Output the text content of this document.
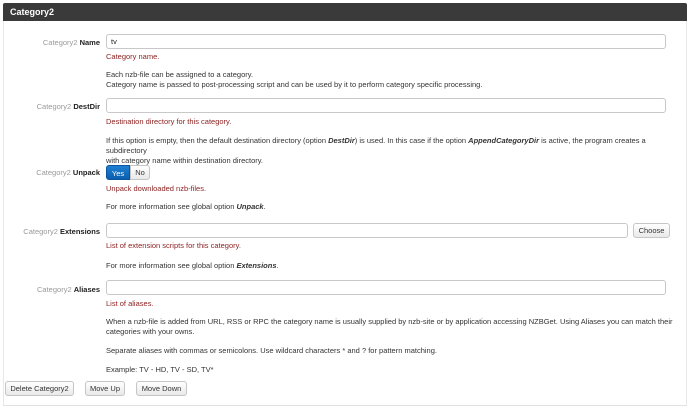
Category2
Category2 Name
tv
Category name.
Each nzb-file can be assigned to a category.
Category name is passed to post-processing script and can be used by it to perform category specific processing.
Category2 DestDir
Destination directory for this category.
If this option is empty, then the default destination directory (option DestDir) is used. In this case if the option AppendCategoryDir is active, the program creates a subdirectory
with category name within destination directory.
Category2 Unpack	Yes	No
Unpack downloaded nzb-files.
For more information see global option Unpack.
Category2 Extensions	Choose
List of extension scripts for this category.
For more information see global option Extensions.
Category2 Aliases
List of aliases.
When a nzb-file is added from URL, RSS or RPC the category name is usually supplied by nzb-site or by application accessing NZBGet. Using Aliases you can match their
categories with your owns.
Separate aliases with commas or semicolons. Use wildcard characters * and ? for pattern matching.
Example: TV - HD, TV - SD, TV*
Delete Category2	Move Up	Move Down
